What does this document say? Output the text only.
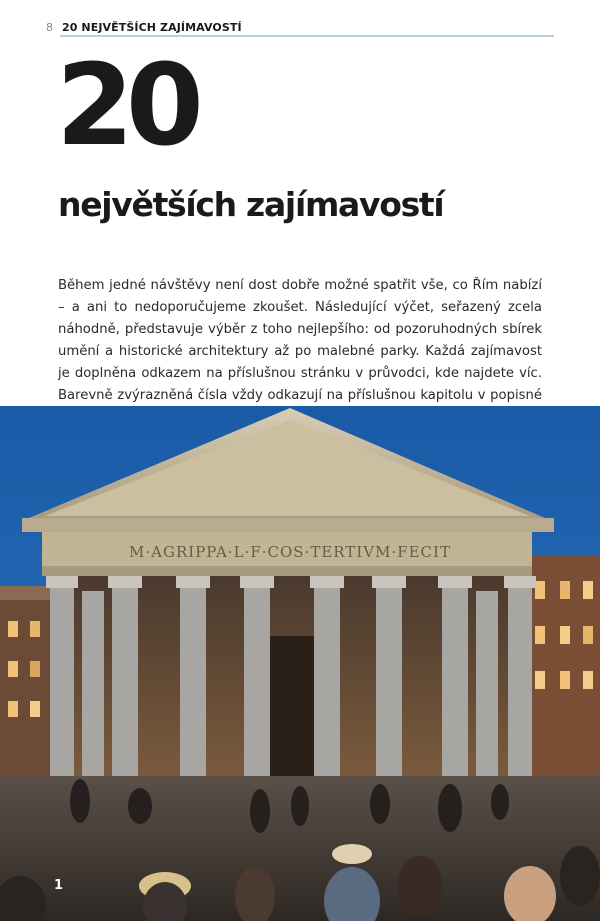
8 20 NEJVĚTŠÍCH ZAJÍMAVOSTÍ
20
největších zajímavostí

Během jedné návštěvy není dost dobře možné spatřit vše, co Řím nabízí – a ani to nedoporučujeme zkoušet. Následující výčet, seřazený zcela náhodně, představuje výběr z toho nejlepšího: od pozoruhodných sbírek umění a historické architektury až po malebné parky. Každá zajímavost je doplněna odkazem na příslušnou stránku v průvodci, kde najdete víc. Barevně zvýrazněná čísla vždy odkazují na příslušnou kapitolu v popisné

M·AGRIPPA·L·F·COS·TERTIVM·FECIT
1
